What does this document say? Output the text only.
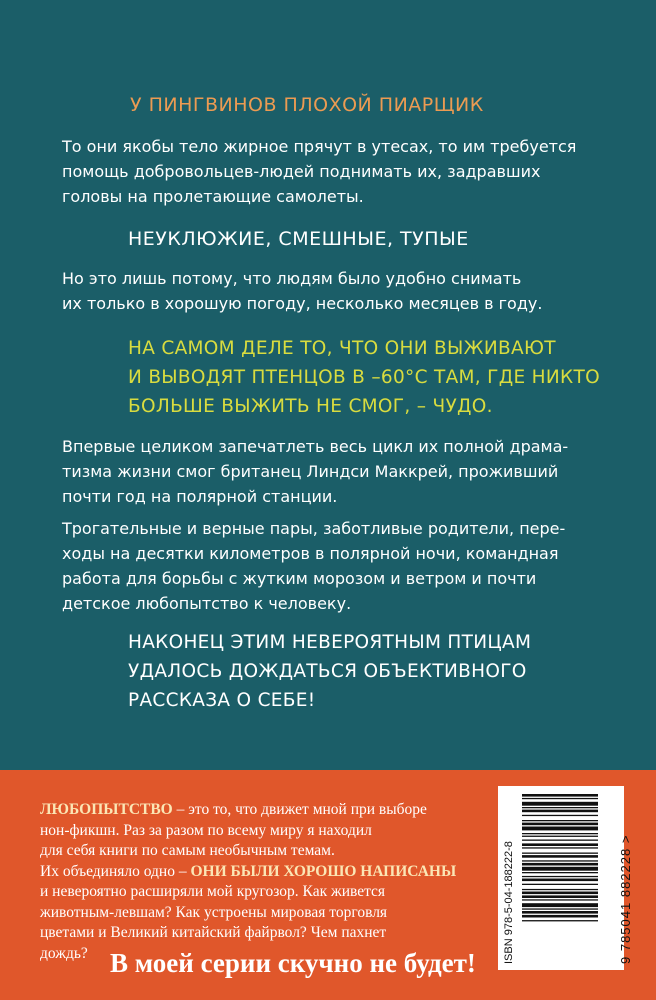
У ПИНГВИНОВ ПЛОХОЙ ПИАРЩИК
То они якобы тело жирное прячут в утесах, то им требуется
помощь добровольцев-людей поднимать их, задравших
головы на пролетающие самолеты.
НЕУКЛЮЖИЕ, СМЕШНЫЕ, ТУПЫЕ
Но это лишь потому, что людям было удобно снимать
их только в хорошую погоду, несколько месяцев в году.
НА САМОМ ДЕЛЕ ТО, ЧТО ОНИ ВЫЖИВАЮТ
И ВЫВОДЯТ ПТЕНЦОВ В –60°С ТАМ, ГДЕ НИКТО
БОЛЬШЕ ВЫЖИТЬ НЕ СМОГ, – ЧУДО.
Впервые целиком запечатлеть весь цикл их полной драма-
тизма жизни смог британец Линдси Маккрей, проживший
почти год на полярной станции.
Трогательные и верные пары, заботливые родители, пере-
ходы на десятки километров в полярной ночи, командная
работа для борьбы с жутким морозом и ветром и почти
детское любопытство к человеку.
НАКОНЕЦ ЭТИМ НЕВЕРОЯТНЫМ ПТИЦАМ
УДАЛОСЬ ДОЖДАТЬСЯ ОБЪЕКТИВНОГО
РАССКАЗА О СЕБЕ!
ЛЮБОПЫТСТВО – это то, что движет мной при выборе
нон-фикшн. Раз за разом по всему миру я находил
для себя книги по самым необычным темам.
Их объединяло одно – ОНИ БЫЛИ ХОРОШО НАПИСАНЫ
и невероятно расширяли мой кругозор. Как живется
животным-левшам? Как устроены мировая торговля
цветами и Великий китайский файрвол? Чем пахнет
дождь? В моей серии скучно не будет! ISBN 978-5-04-188222-8	9 785041 882228 >
